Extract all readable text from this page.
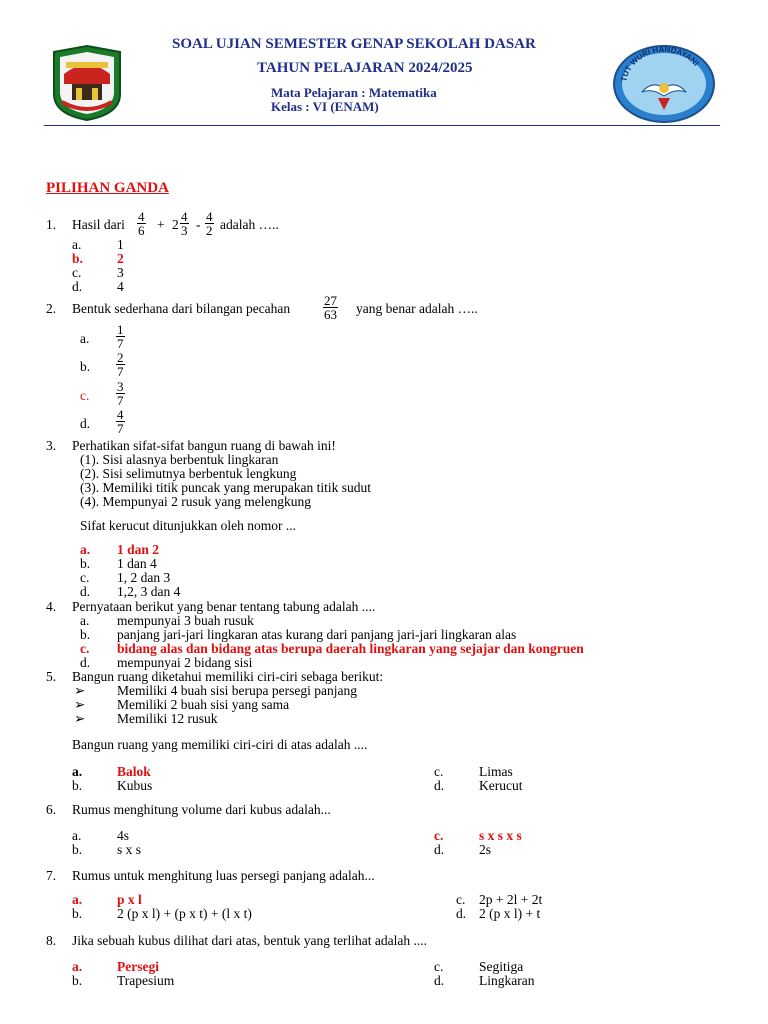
SOAL UJIAN SEMESTER GENAP SEKOLAH DASAR
TAHUN PELAJARAN 2024/2025
Mata Pelajaran : Matematika
Kelas : VI (ENAM)
TUT WURI HANDAYANI
PILIHAN GANDA
1. Hasil dari $\frac{4}{6} + 2 \frac{4}{3} - \frac{4}{2}$ adalah …..
a.	1
b.	2
c.	3
d.	4
2. Bentuk sederhana dari bilangan pecahan	$\frac{27}{63}$ yang benar adalah …..
a. $\frac{1}{7}$
b. $\frac{2}{7}$
c. $\frac{3}{7}$
d. $\frac{4}{7}$
3. Perhatikan sifat-sifat bangun ruang di bawah ini!
(1). Sisi alasnya berbentuk lingkaran
(2). Sisi selimutnya berbentuk lengkung
(3). Memiliki titik puncak yang merupakan titik sudut
(4). Mempunyai 2 rusuk yang melengkung
Sifat kerucut ditunjukkan oleh nomor ...
a. 1 dan 2
b. 1 dan 4
c. 1, 2 dan 3
d. 1,2, 3 dan 4
4. Pernyataan berikut yang benar tentang tabung adalah ....
a. mempunyai 3 buah rusuk
b. panjang jari-jari lingkaran atas kurang dari panjang jari-jari lingkaran alas
c. bidang alas dan bidang atas berupa daerah lingkaran yang sejajar dan kongruen
d. mempunyai 2 bidang sisi
5. Bangun ruang diketahui memiliki ciri-ciri sebaga berikut:
➢ Memiliki 4 buah sisi berupa persegi panjang
➢ Memiliki 2 buah sisi yang sama
➢ Memiliki 12 rusuk
Bangun ruang yang memiliki ciri-ciri di atas adalah ....
a.	Balok
b.	Kubus
c.	Limas
d.	Kerucut
6. Rumus menghitung volume dari kubus adalah...
a.	4s
b.	s x s
c.	s x s x s
d.	2s
7. Rumus untuk menghitung luas persegi panjang adalah...
a.	p x l
b.	2 (p x l) + (p x t) + (l x t)
c. 2p + 2l + 2t
d. 2 (p x l) + t
8. Jika sebuah kubus dilihat dari atas, bentuk yang terlihat adalah ....
a.	Persegi
b.	Trapesium
c.	Segitiga
d.	Lingkaran
